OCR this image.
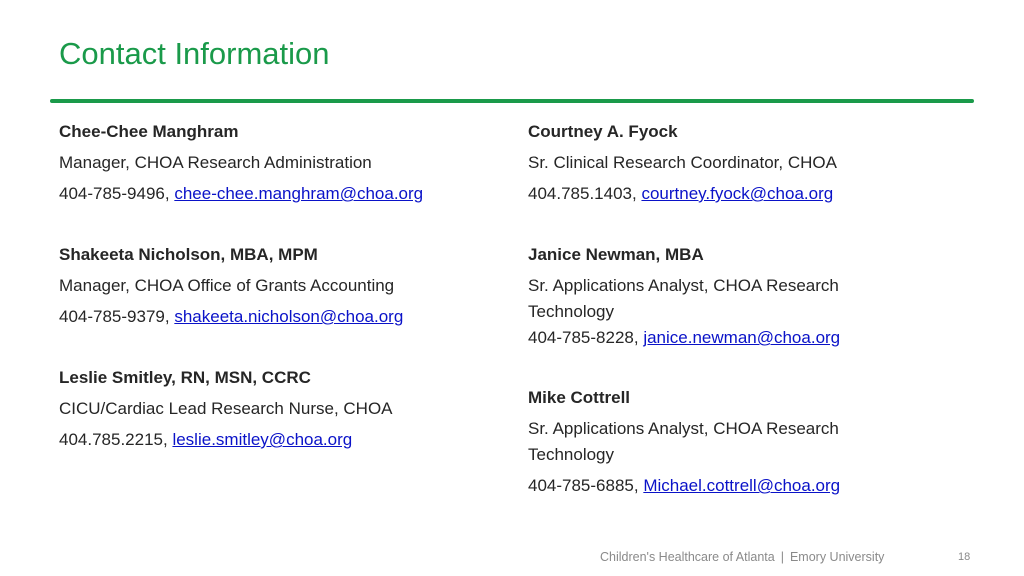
Contact Information
Chee-Chee Manghram
Manager, CHOA Research Administration
404-785-9496, chee-chee.manghram@choa.org
Shakeeta Nicholson, MBA, MPM
Manager, CHOA Office of Grants Accounting
404-785-9379, shakeeta.nicholson@choa.org
Leslie Smitley, RN, MSN, CCRC
CICU/Cardiac Lead Research Nurse, CHOA
404.785.2215, leslie.smitley@choa.org
Courtney A. Fyock
Sr. Clinical Research Coordinator, CHOA
404.785.1403, courtney.fyock@choa.org
Janice Newman, MBA
Sr. Applications Analyst, CHOA Research Technology
404-785-8228, janice.newman@choa.org
Mike Cottrell
Sr. Applications Analyst, CHOA Research Technology
404-785-6885, Michael.cottrell@choa.org
Children's Healthcare of Atlanta | Emory University	18
